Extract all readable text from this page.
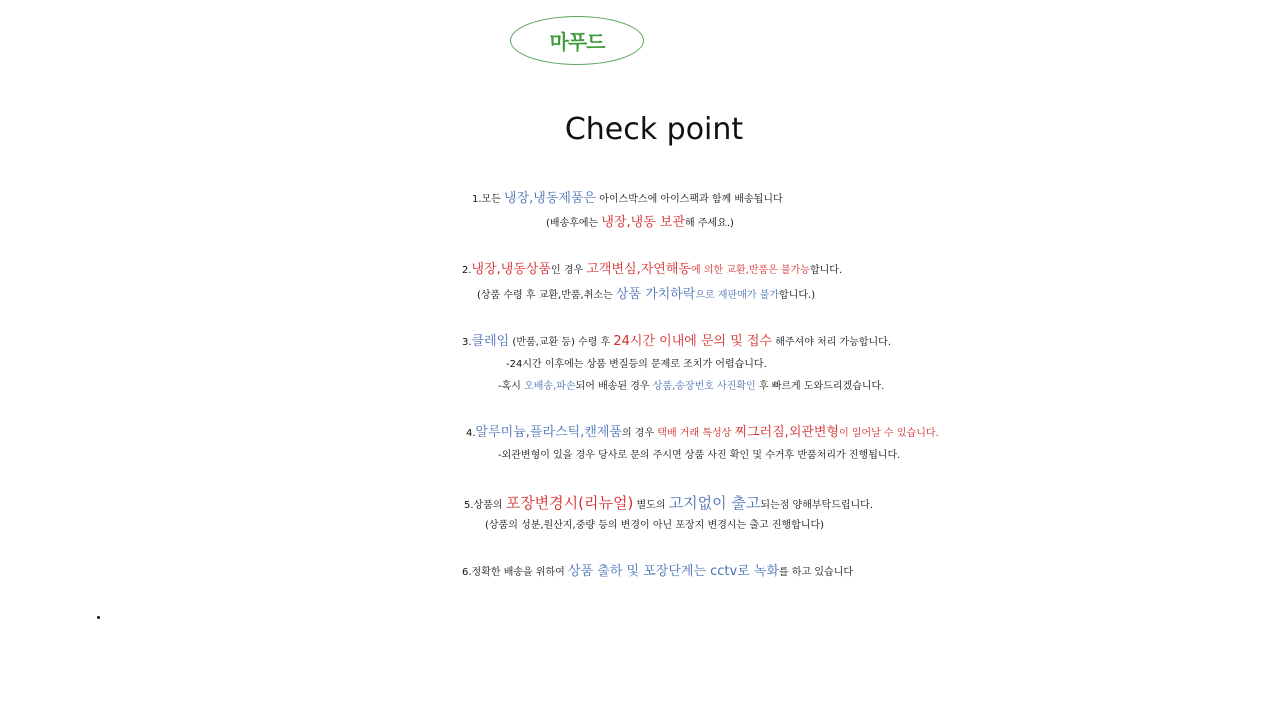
마푸드
Check point
1.모든 냉장,냉동제품은 아이스박스에 아이스팩과 함께 배송됩니다
(배송후에는 냉장,냉동 보관해 주세요.)
2.냉장,냉동상품인 경우 고객변심,자연해동에 의한 교환,반품은 불가능합니다.
(상품 수령 후 교환,반품,취소는 상품 가치하락으로 재판매가 불가합니다.)
3.클레임 (반품,교환 등) 수령 후 24시간 이내에 문의 및 접수 해주셔야 처리 가능합니다.
-24시간 이후에는 상품 변질등의 문제로 조치가 어렵습니다.
-혹시 오배송,파손되어 배송된 경우 상품,송장번호 사진확인 후 빠르게 도와드리겠습니다.
4.알루미늄,플라스틱,캔제품의 경우 택배 거래 특성상 찌그러짐,외관변형이 일어날 수 있습니다.
-외관변형이 있을 경우 당사로 문의 주시면 상품 사진 확인 및 수거후 반품처리가 진행됩니다.
5.상품의 포장변경시(리뉴얼) 별도의 고지없이 출고되는점 양해부탁드립니다.
(상품의 성분,원산지,중량 등의 변경이 아닌 포장지 변경시는 출고 진행합니다)
6.정확한 배송을 위하여 상품 출하 및 포장단계는 cctv로 녹화를 하고 있습니다
